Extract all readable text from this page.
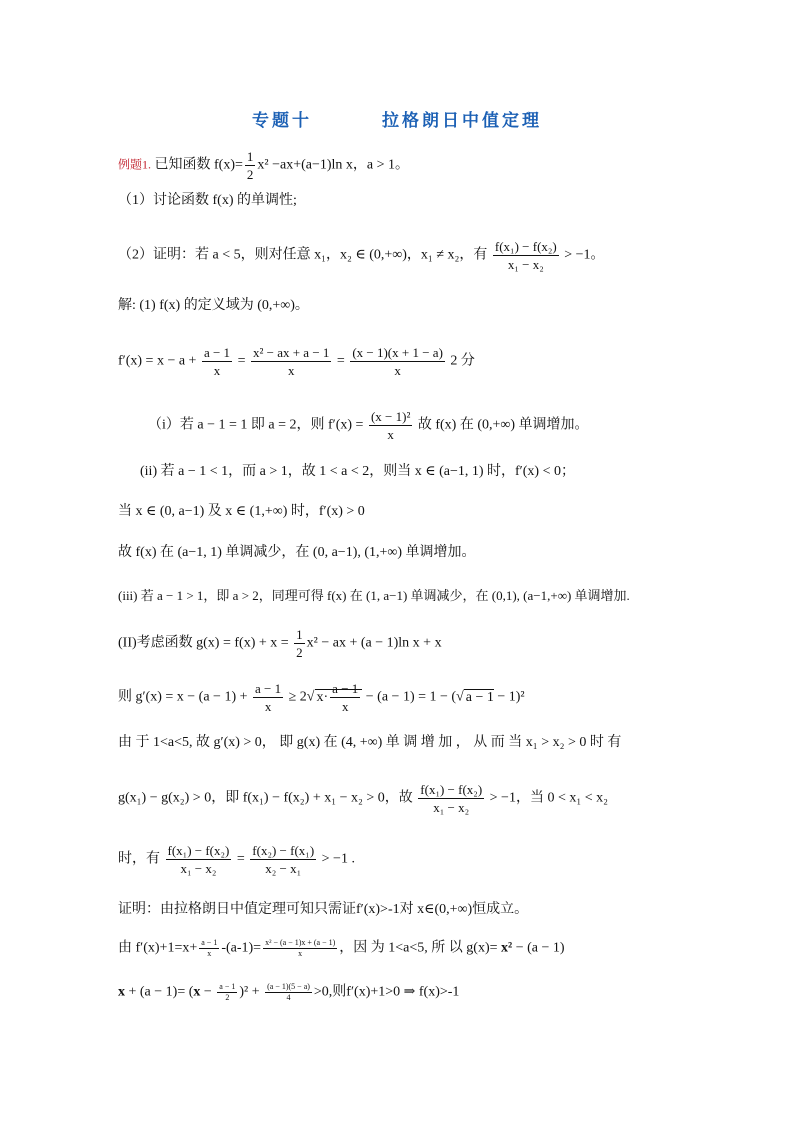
专题十	拉格朗日中值定理
例题1. 已知函数 $f(x)= \frac{1}{2} x^2 -ax+(a-1)\ln$ x，a > 1。
（1）讨论函数 f(x) 的单调性;
（2）证明：若 a < 5，则对任意 x₁，x₂ ∈ (0,+∞)，x₁ ≠ x₂，有 $\frac{\text{f(x₁) − f(x₂)}}{\text{x₁ − x₂}} > -1$。
解: (1) f(x) 的定义域为 (0,+∞)。
$f'(x) = x - a + \frac{a - 1}{x} = \frac{\text{x² − ax + a − 1}}{x} = \frac{(x - 1)(x + 1 - a)}{x} 2$ 分
（i）若 a − 1 = 1 即 a = 2，则 $f'(x) = \frac{\text{(x − 1)²}}{x}$ 故 f(x) 在 (0,+∞) 单调增加。
(ii) 若 a − 1 < 1，而 a > 1，故 1 < a < 2，则当 x ∈ (a−1, 1) 时，f′(x) < 0；
当 x ∈ (0, a−1) 及 x ∈ (1,+∞) 时，f′(x) > 0
故 f(x) 在 (a−1, 1) 单调减少，在 (0, a−1), (1,+∞) 单调增加。
(iii) 若 a − 1 > 1，即 a > 2，同理可得 f(x) 在 (1, a−1) 单调减少，在 (0,1), (a−1,+∞) 单调增加.
(II)考虑函数 $g(x) = f(x) + x = \frac{1}{2} x^2$ − ax + (a − 1)ln x + x
则 $g'(x) = x - (a - 1) + \frac{a - 1}{x} \ge 2√$ $x\cdot \frac{a - 1}{x} - (a - 1) = 1$ − (√ a − 1 − 1)²
由 于 1<a<5, 故 g′(x) > 0， 即 g(x) 在 (4, +∞) 单 调 增 加 ， 从 而 当 x₁ > x₂ > 0 时 有
g(x₁) − g(x₂) > 0，即 f(x₁) − f(x₂) + x₁ − x₂ > 0，故 $\frac{\text{f(x₁) − f(x₂)}}{\text{x₁ − x₂}} > -1$，当 0 < x₁ < x₂
时，有 $\frac{\text{f(x₁) − f(x₂)}}{\text{x₁ − x₂}} = \frac{\text{f(x₂) − f(x₁)}}{\text{x₂ − x₁}} > -1$ .
证明：由拉格朗日中值定理可知只需证f′(x)>-1对 x∈(0,+∞)恒成立。
由 $f'(x)+1=x+ \frac{a - 1}{x} -(a-1)= \frac{\text{x² − (a − 1)x + (a − 1)}}{x}$ ，因 为 1<a<5, 所 以 g(x)= x² − (a − 1)
$x + (a - 1)= (x - \frac{a - 1}{2} )^2 + \frac{(a - 1)(5 - a)}{4} >0$,则f′(x)+1>0 ⇒ f(x)>-1
